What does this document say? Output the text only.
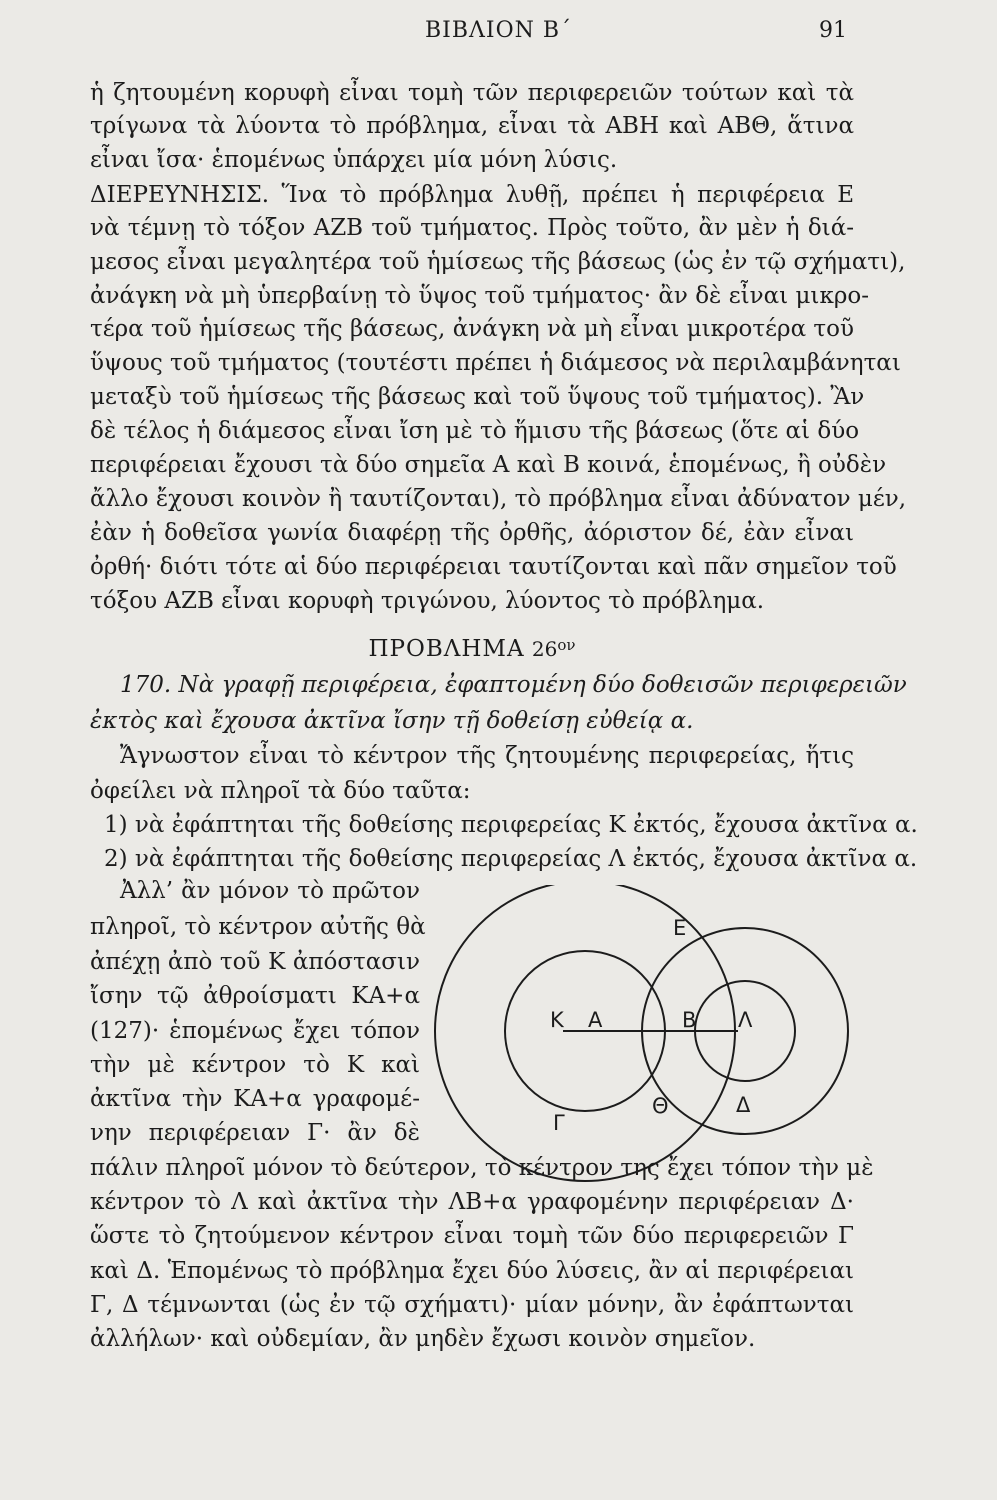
ΒΙΒΛΙΟΝ Β΄	91
ἡ ζητουμένη κορυφὴ εἶναι τομὴ τῶν περιφερειῶν τούτων καὶ τὰ
τρίγωνα τὰ λύοντα τὸ πρόβλημα, εἶναι τὰ ΑΒΗ καὶ ΑΒΘ, ἅτινα
εἶναι ἴσα· ἑπομένως ὑπάρχει μία μόνη λύσις.
ΔΙΕΡΕΥΝΗΣΙΣ. Ἵνα τὸ πρόβλημα λυθῇ, πρέπει ἡ περιφέρεια Ε
νὰ τέμνῃ τὸ τόξον ΑΖΒ τοῦ τμήματος. Πρὸς τοῦτο, ἂν μὲν ἡ διά-
μεσος εἶναι μεγαλητέρα τοῦ ἡμίσεως τῆς βάσεως (ὡς ἐν τῷ σχήματι),
ἀνάγκη νὰ μὴ ὑπερβαίνῃ τὸ ὕψος τοῦ τμήματος· ἂν δὲ εἶναι μικρο-
τέρα τοῦ ἡμίσεως τῆς βάσεως, ἀνάγκη νὰ μὴ εἶναι μικροτέρα τοῦ
ὕψους τοῦ τμήματος (τουτέστι πρέπει ἡ διάμεσος νὰ περιλαμβάνηται
μεταξὺ τοῦ ἡμίσεως τῆς βάσεως καὶ τοῦ ὕψους τοῦ τμήματος). Ἂν
δὲ τέλος ἡ διάμεσος εἶναι ἴση μὲ τὸ ἥμισυ τῆς βάσεως (ὅτε αἱ δύο
περιφέρειαι ἔχουσι τὰ δύο σημεῖα Α καὶ Β κοινά, ἑπομένως, ἢ οὐδὲν
ἄλλο ἔχουσι κοινὸν ἢ ταυτίζονται), τὸ πρόβλημα εἶναι ἀδύνατον μέν,
ἐὰν ἡ δοθεῖσα γωνία διαφέρῃ τῆς ὀρθῆς, ἀόριστον δέ, ἐὰν εἶναι
ὀρθή· διότι τότε αἱ δύο περιφέρειαι ταυτίζονται καὶ πᾶν σημεῖον τοῦ
τόξου ΑΖΒ εἶναι κορυφὴ τριγώνου, λύοντος τὸ πρόβλημα.
ΠΡΟΒΛΗΜΑ $26^{o\nu}$
170. Νὰ γραφῇ περιφέρεια, ἐφαπτομένη δύο δοθεισῶν περιφερειῶν
ἐκτὸς καὶ ἔχουσα ἀκτῖνα ἴσην τῇ δοθείσῃ εὐθείᾳ α.
Ἄγνωστον εἶναι τὸ κέντρον τῆς ζητουμένης περιφερείας, ἥτις
ὀφείλει νὰ πληροῖ τὰ δύο ταῦτα:
1) νὰ ἐφάπτηται τῆς δοθείσης περιφερείας Κ ἐκτός, ἔχουσα ἀκτῖνα α.
2) νὰ ἐφάπτηται τῆς δοθείσης περιφερείας Λ ἐκτός, ἔχουσα ἀκτῖνα α.
Ἀλλ’ ἂν μόνον τὸ πρῶτον
πληροῖ, τὸ κέντρον αὐτῆς θὰ
ἀπέχῃ ἀπὸ τοῦ Κ ἀπόστασιν
ἴσην τῷ ἀθροίσματι ΚΑ+α
(127)· ἑπομένως ἔχει τόπον
τὴν μὲ κέντρον τὸ Κ καὶ
ἀκτῖνα τὴν ΚΑ+α γραφομέ-
νην περιφέρειαν Γ· ἂν δὲ
πάλιν πληροῖ μόνον τὸ δεύτερον, τὸ κέντρον της ἔχει τόπον τὴν μὲ
κέντρον τὸ Λ καὶ ἀκτῖνα τὴν ΛΒ+α γραφομένην περιφέρειαν Δ·
ὥστε τὸ ζητούμενον κέντρον εἶναι τομὴ τῶν δύο περιφερειῶν Γ
καὶ Δ. Ἑπομένως τὸ πρόβλημα ἔχει δύο λύσεις, ἂν αἱ περιφέρειαι
Γ, Δ τέμνωνται (ὡς ἐν τῷ σχήματι)· μίαν μόνην, ἂν ἐφάπτωνται
ἀλλήλων· καὶ οὐδεμίαν, ἂν μηδὲν ἔχωσι κοινὸν σημεῖον.
Ε
Κ Α	Β Λ
Γ
Θ	Δ
